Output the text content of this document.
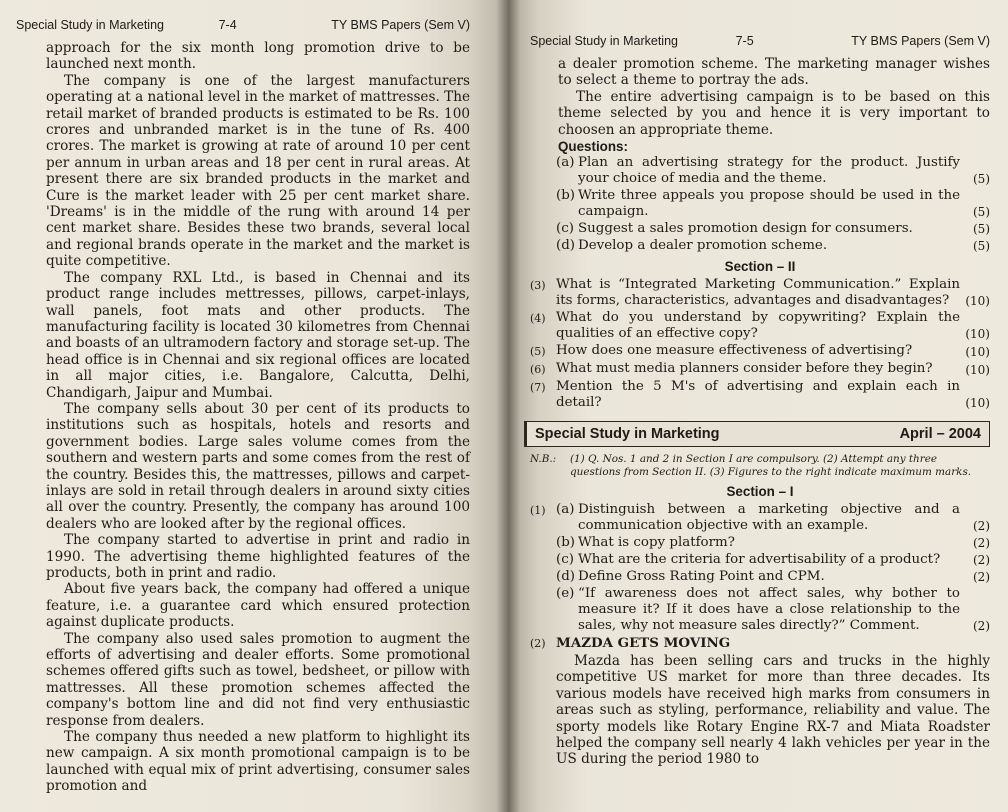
Special Study in Marketing	7-4	TY BMS Papers (Sem V)

approach for the six month long promotion drive to be launched next month.

The company is one of the largest manufacturers operating at a national level in the market of mattresses. The retail market of branded products is estimated to be Rs. 100 crores and unbranded market is in the tune of Rs. 400 crores. The market is growing at rate of around 10 per cent per annum in urban areas and 18 per cent in rural areas. At present there are six branded products in the market and Cure is the market leader with 25 per cent market share. 'Dreams' is in the middle of the rung with around 14 per cent market share. Besides these two brands, several local and regional brands operate in the market and the market is quite competitive.

The company RXL Ltd., is based in Chennai and its product range includes mettresses, pillows, carpet-inlays, wall panels, foot mats and other products. The manufacturing facility is located 30 kilometres from Chennai and boasts of an ultramodern factory and storage set-up. The head office is in Chennai and six regional offices are located in all major cities, i.e. Bangalore, Calcutta, Delhi, Chandigarh, Jaipur and Mumbai.

The company sells about 30 per cent of its products to institutions such as hospitals, hotels and resorts and government bodies. Large sales volume comes from the southern and western parts and some comes from the rest of the country. Besides this, the mattresses, pillows and carpet-inlays are sold in retail through dealers in around sixty cities all over the country. Presently, the company has around 100 dealers who are looked after by the regional offices.

The company started to advertise in print and radio in 1990. The advertising theme highlighted features of the products, both in print and radio.

About five years back, the company had offered a unique feature, i.e. a guarantee card which ensured protection against duplicate products.

The company also used sales promotion to augment the efforts of advertising and dealer efforts. Some promotional schemes offered gifts such as towel, bedsheet, or pillow with mattresses. All these promotion schemes affected the company's bottom line and did not find very enthusiastic response from dealers.

The company thus needed a new platform to highlight its new campaign. A six month promotional campaign is to be launched with equal mix of print advertising, consumer sales promotion and

Special Study in Marketing	7-5	TY BMS Papers (Sem V)

a dealer promotion scheme. The marketing manager wishes to select a theme to portray the ads.

The entire advertising campaign is to be based on this theme selected by you and hence it is very important to choosen an appropriate theme.

Questions:
(a) Plan an advertising strategy for the product. Justify your choice of media and the theme.	(5)
(b) Write three appeals you propose should be used in the campaign.	(5)
(c) Suggest a sales promotion design for consumers.	(5)
(d) Develop a dealer promotion scheme.	(5)
Section – II
(3) What is “Integrated Marketing Communication.” Explain its forms, characteristics, advantages and disadvantages?	(10)
(4) What do you understand by copywriting? Explain the qualities of an effective copy?	(10)
(5) How does one measure effectiveness of advertising?	(10)
(6) What must media planners consider before they begin?	(10)
(7) Mention the 5 M's of advertising and explain each in detail?	(10)
Special Study in Marketing	April – 2004
N.B.:	(1) Q. Nos. 1 and 2 in Section I are compulsory. (2) Attempt any three questions from Section II. (3) Figures to the right indicate maximum marks.
Section – I
(1) (a) Distinguish between a marketing objective and a communication objective with an example.	(2)
(b) What is copy platform?	(2)
(c) What are the criteria for advertisability of a product?	(2)
(d) Define Gross Rating Point and CPM.	(2)
(e) “If awareness does not affect sales, why bother to measure it? If it does have a close relationship to the sales, why not measure sales directly?” Comment.	(2)
(2) MAZDA GETS MOVING

Mazda has been selling cars and trucks in the highly competitive US market for more than three decades. Its various models have received high marks from consumers in areas such as styling, performance, reliability and value. The sporty models like Rotary Engine RX-7 and Miata Roadster helped the company sell nearly 4 lakh vehicles per year in the US during the period 1980 to
